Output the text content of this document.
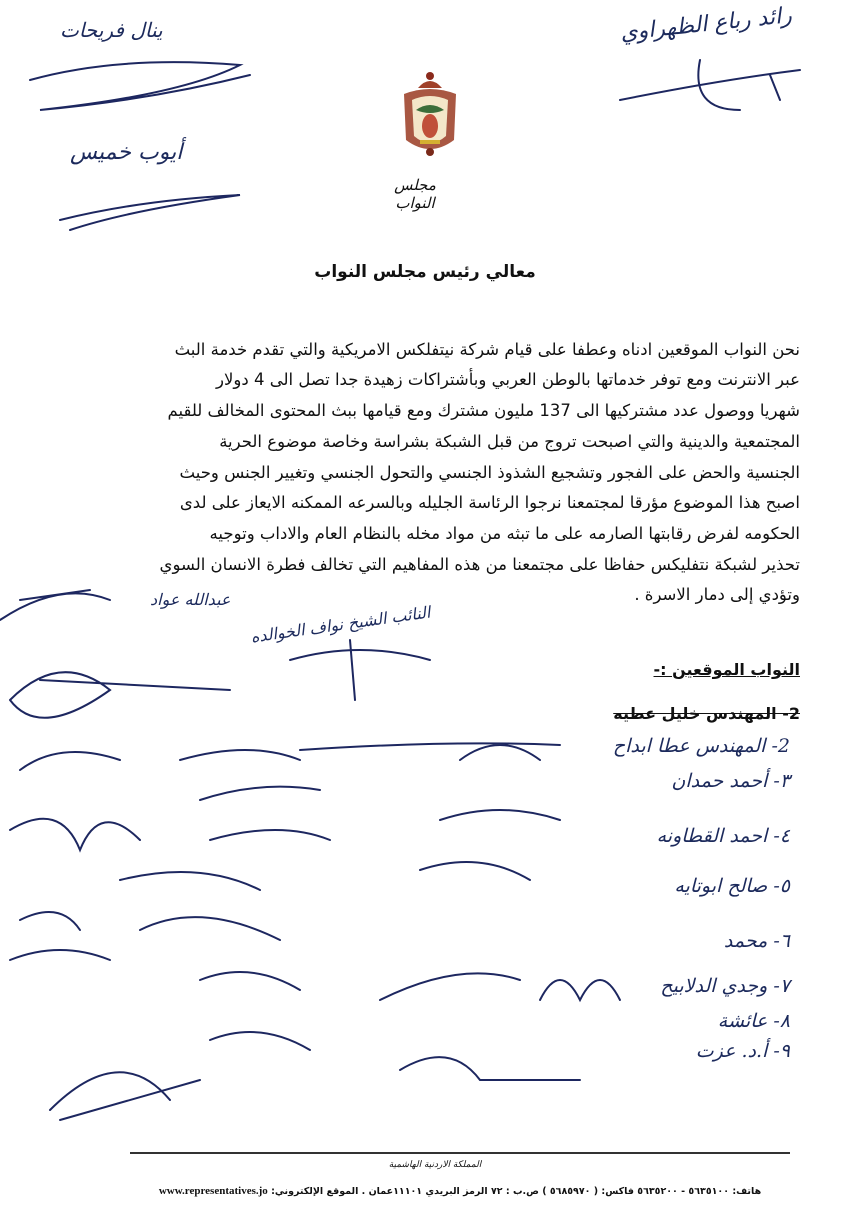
مجلس النواب
معالي رئيس مجلس النواب
نحن النواب الموقعين ادناه وعطفا على قيام شركة نيتفلكس الامريكية والتي تقدم خدمة البث
عبر الانترنت ومع توفر خدماتها بالوطن العربي وبأشتراكات زهيدة جدا تصل الى 4 دولار
شهريا ووصول عدد مشتركيها الى 137 مليون مشترك ومع قيامها ببث المحتوى المخالف للقيم
المجتمعية والدينية والتي اصبحت تروج من قبل الشبكة بشراسة وخاصة موضوع الحرية
الجنسية والحض على الفجور وتشجيع الشذوذ الجنسي والتحول الجنسي وتغيير الجنس وحيث
اصبح هذا الموضوع مؤرقا لمجتمعنا نرجوا الرئاسة الجليله وبالسرعه الممكنه الايعاز على لدى
الحكومه لفرض رقابتها الصارمه على ما تبثه من مواد مخله بالنظام العام والاداب وتوجيه
تحذير لشبكة نتفليكس حفاظا على مجتمعنا من هذه المفاهيم التي تخالف فطرة الانسان السوي
وتؤدي إلى دمار الاسرة .
النواب الموقعين :-
2- المهندس خليل عطيه
ينال فريحات
أيوب خميس
رائد رباع الظهراوي
عبدالله عواد
النائب الشيخ نواف الخوالده
2- المهندس عطا ابداح
٣- أحمد حمدان
٤- احمد القطاونه
٥- صالح ابوتايه
٦- محمد
٧- وجدي الدلابيح
٨- عائشة
٩- أ.د. عزت
المملكة الاردنية الهاشمية
هاتف: ٥٦٣٥١٠٠ - ٥٦٣٥٢٠٠ فاكس: ( ٥٦٨٥٩٧٠ ) ص.ب : ٧٢ الرمز البريدي ١١١٠١عمان . الموقع الإلكتروني: www.representatives.jo
